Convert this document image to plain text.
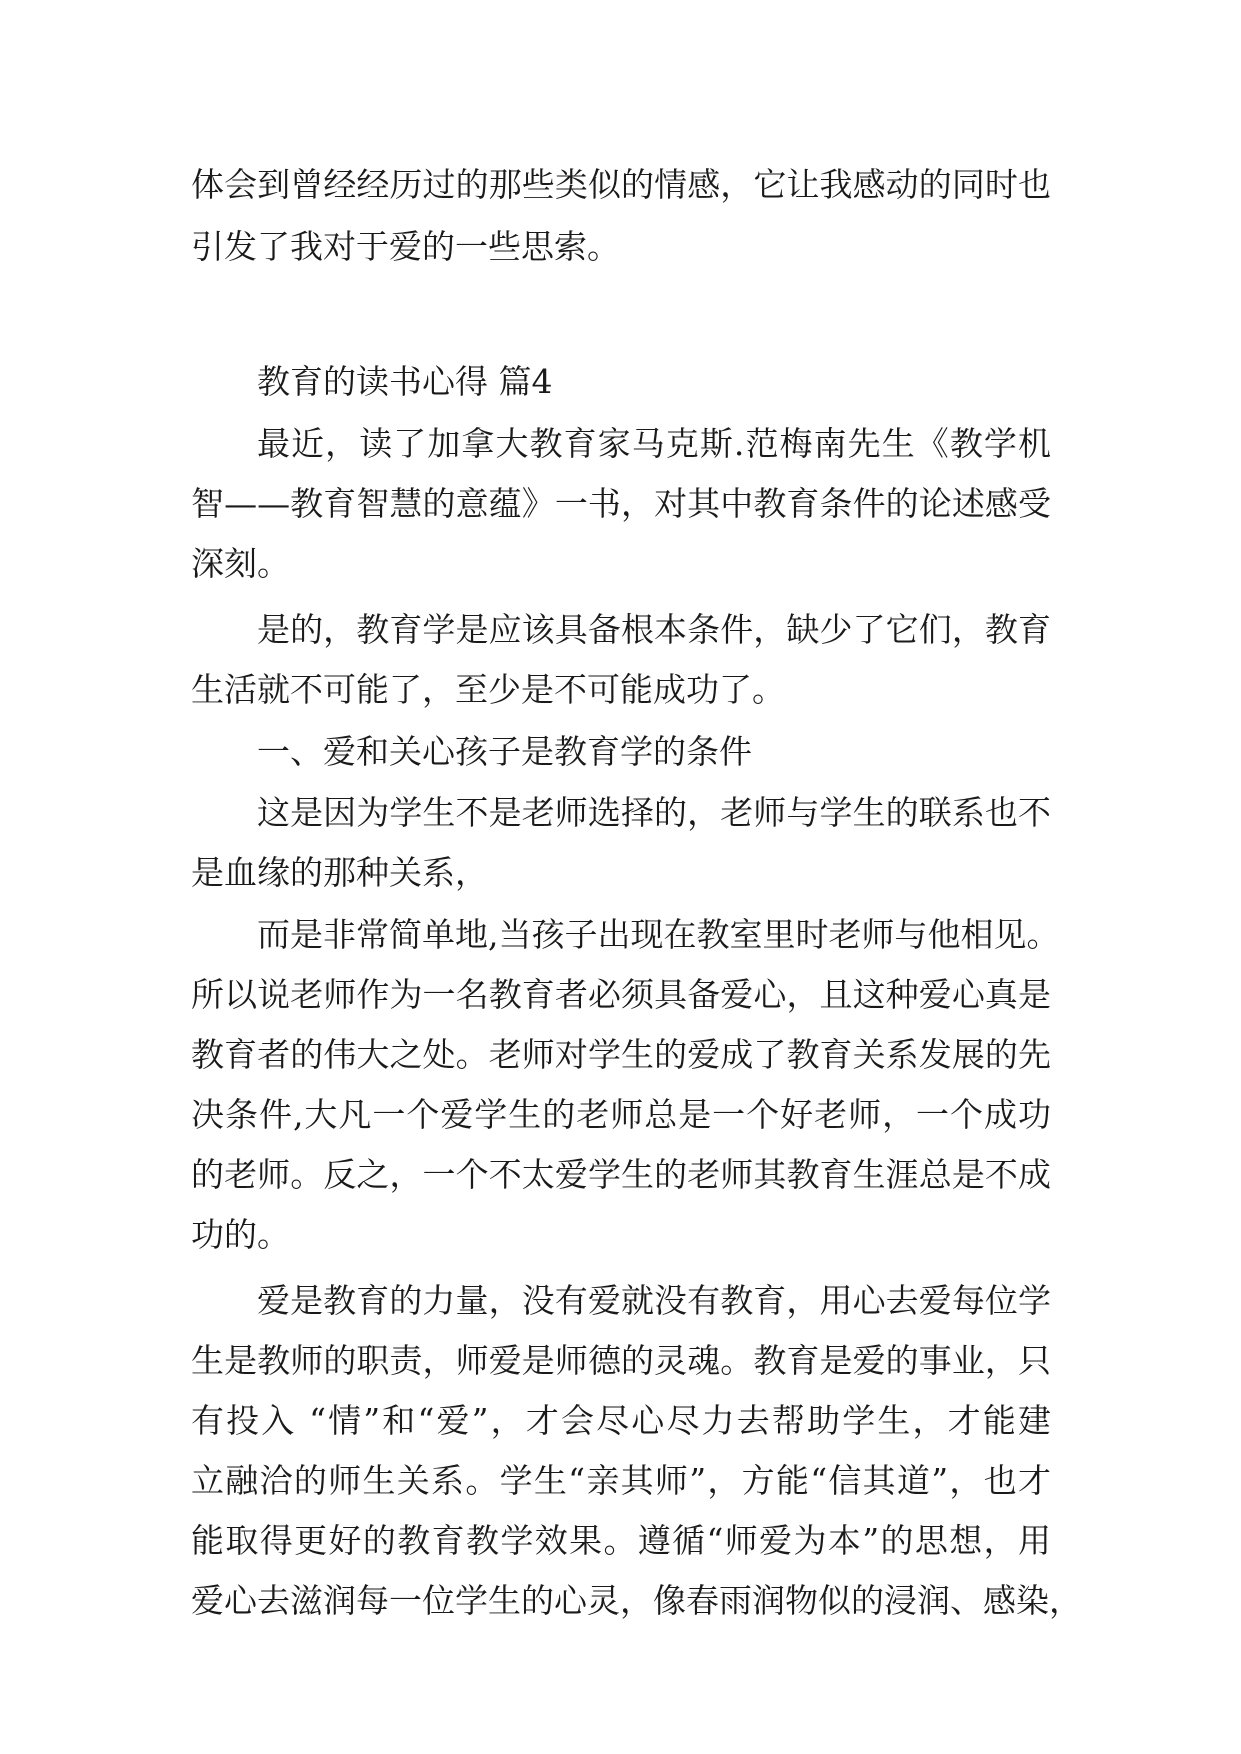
体会到曾经经历过的那些类似的情感，它让我感动的同时也
引发了我对于爱的一些思索。
教育的读书心得 篇4
最近，读了加拿大教育家马克斯.范梅南先生《教学机
智——教育智慧的意蕴》一书，对其中教育条件的论述感受
深刻。
是的，教育学是应该具备根本条件，缺少了它们，教育
生活就不可能了，至少是不可能成功了。
一、爱和关心孩子是教育学的条件
这是因为学生不是老师选择的，老师与学生的联系也不
是血缘的那种关系，
而是非常简单地,当孩子出现在教室里时老师与他相见。
所以说老师作为一名教育者必须具备爱心，且这种爱心真是
教育者的伟大之处。老师对学生的爱成了教育关系发展的先
决条件,大凡一个爱学生的老师总是一个好老师，一个成功
的老师。反之，一个不太爱学生的老师其教育生涯总是不成
功的。
爱是教育的力量，没有爱就没有教育，用心去爱每位学
生是教师的职责，师爱是师德的灵魂。教育是爱的事业，只
有投入 “情”和“爱”，才会尽心尽力去帮助学生，才能建
立融洽的师生关系。学生“亲其师”，方能“信其道”，也才
能取得更好的教育教学效果。遵循“师爱为本”的思想，用
爱心去滋润每一位学生的心灵，像春雨润物似的浸润、感染，
